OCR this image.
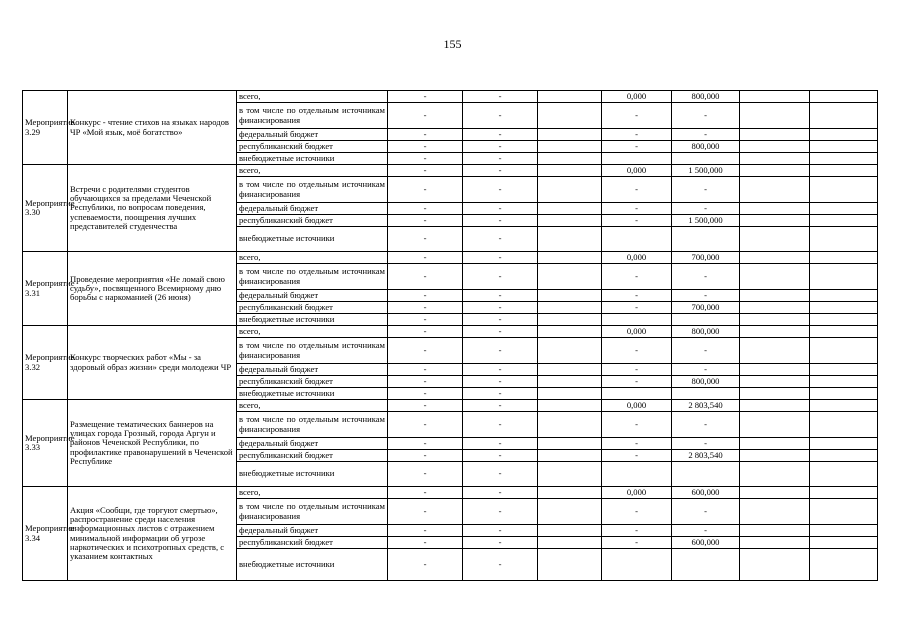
155
Мероприятие 3.29	Конкурс - чтение стихов на языках народов ЧР «Мой язык, моё богатство»	всего,	-	-		0,000	800,000		
		в том числе по отдельным источникам финансирования	-	-		-	-		
		федеральный бюджет	-	-		-	-		
		республиканский бюджет	-	-		-	800,000		
		внебюджетные источники	-	-					
Мероприятие 3.30	Встречи с родителями студентов обучающихся за пределами Чеченской Республики, по вопросам поведения, успеваемости, поощрения лучших представителей студенчества	всего,	-	-		0,000	1 500,000		
		в том числе по отдельным источникам финансирования	-	-		-	-		
		федеральный бюджет	-	-		-	-		
		республиканский бюджет	-	-		-	1 500,000		
		внебюджетные источники	-	-					
Мероприятие 3.31	Проведение мероприятия «Не ломай свою судьбу», посвященного Всемирному дню борьбы с наркоманией (26 июня)	всего,	-	-		0,000	700,000		
		в том числе по отдельным источникам финансирования	-	-		-	-		
		федеральный бюджет	-	-		-	-		
		республиканский бюджет	-	-		-	700,000		
		внебюджетные источники	-	-					
Мероприятие 3.32	Конкурс творческих работ «Мы - за здоровый образ жизни» среди молодежи ЧР	всего,	-	-		0,000	800,000		
		в том числе по отдельным источникам финансирования	-	-		-	-		
		федеральный бюджет	-	-		-	-		
		республиканский бюджет	-	-		-	800,000		
		внебюджетные источники	-	-					
Мероприятие 3.33	Размещение тематических баннеров на улицах города Грозный, города Аргун и районов Чеченской Республики, по профилактике правонарушений в Чеченской Республике	всего,	-	-		0,000	2 803,540		
		в том числе по отдельным источникам финансирования	-	-		-	-		
		федеральный бюджет	-	-		-	-		
		республиканский бюджет	-	-		-	2 803,540		
		внебюджетные источники	-	-					
Мероприятие 3.34	Акция «Сообщи, где торгуют смертью», распространение среди населения информационных листов с отражением минимальной информации об угрозе наркотических и психотропных средств, с указанием контактных	всего,	-	-		0,000	600,000		
		в том числе по отдельным источникам финансирования	-	-		-	-		
		федеральный бюджет	-	-		-	-		
		республиканский бюджет	-	-		-	600,000		
		внебюджетные источники	-	-					
